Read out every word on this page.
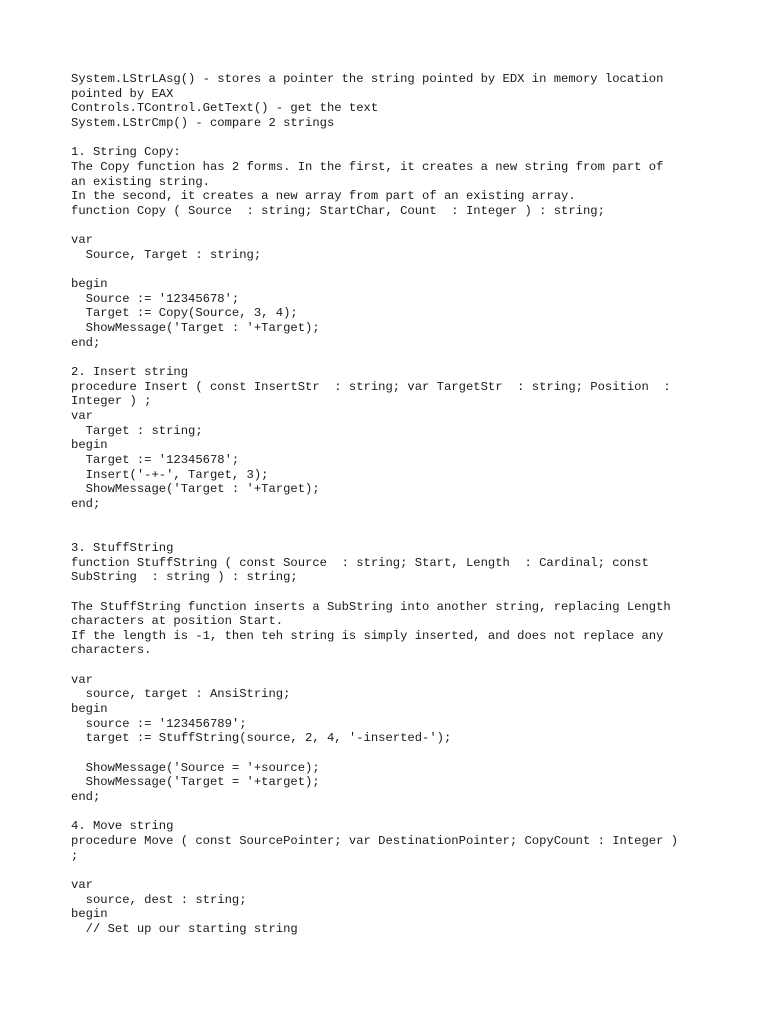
System.LStrLAsg() - stores a pointer the string pointed by EDX in memory location
pointed by EAX
Controls.TControl.GetText() - get the text
System.LStrCmp() - compare 2 strings
1. String Copy:
The Copy function has 2 forms. In the first, it creates a new string from part of
an existing string.
In the second, it creates a new array from part of an existing array.
function Copy ( Source  : string; StartChar, Count  : Integer ) : string;
var
Source, Target : string;
begin
Source := '12345678';
Target := Copy(Source, 3, 4);
ShowMessage('Target : '+Target);
end;
2. Insert string
procedure Insert ( const InsertStr  : string; var TargetStr  : string; Position  :
Integer ) ;
var
Target : string;
begin
Target := '12345678';
Insert('-+-', Target, 3);
ShowMessage('Target : '+Target);
end;
3. StuffString
function StuffString ( const Source  : string; Start, Length  : Cardinal; const
SubString  : string ) : string;
The StuffString function inserts a SubString into another string, replacing Length
characters at position Start.
If the length is -1, then teh string is simply inserted, and does not replace any
characters.
var
source, target : AnsiString;
begin
source := '123456789';
target := StuffString(source, 2, 4, '-inserted-');
ShowMessage('Source = '+source);
ShowMessage('Target = '+target);
end;
4. Move string
procedure Move ( const SourcePointer; var DestinationPointer; CopyCount : Integer )
;
var
source, dest : string;
begin
// Set up our starting string
